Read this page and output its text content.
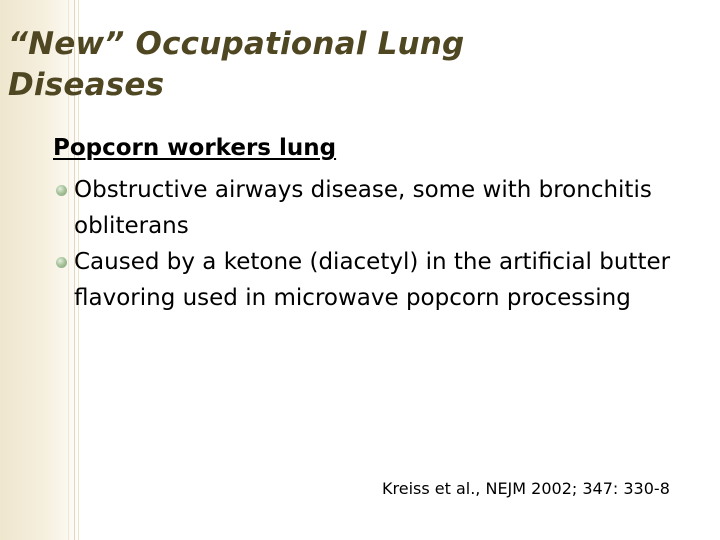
“New” Occupational Lung
Diseases
Popcorn workers lung
Obstructive airways disease, some with bronchitis obliterans
Caused by a ketone (diacetyl) in the artificial butter flavoring used in microwave popcorn processing

Kreiss et al., NEJM 2002; 347: 330-8
